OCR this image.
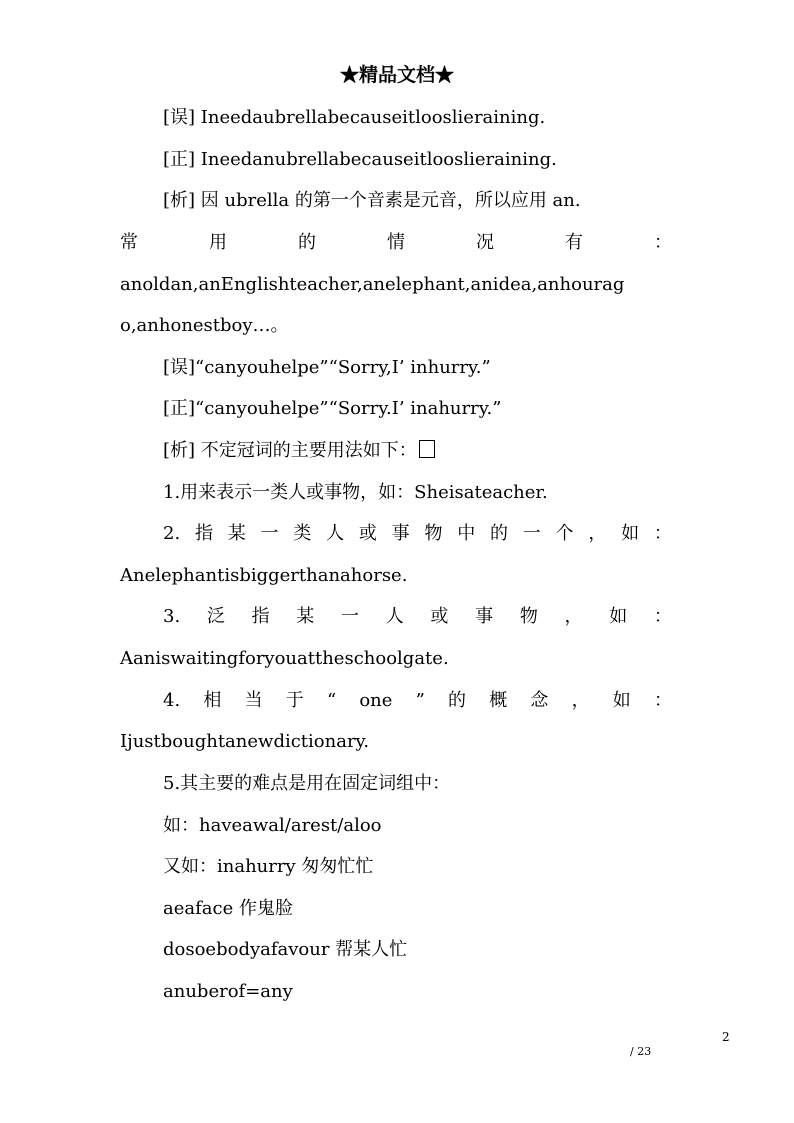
★精品文档★
[误] Ineedaubrellabecauseitlooslieraining.
[正] Ineedanubrellabecauseitlooslieraining.
[析] 因 ubrella 的第一个音素是元音，所以应用 an.
常	用	的	情	况	有	：
anoldan,anEnglishteacher,anelephant,anidea,anhourag
o,anhonestboy…。
[误]“canyouhelpe”“Sorry,I’ inhurry.”
[正]“canyouhelpe”“Sorry.I’ inahurry.”
[析] 不定冠词的主要用法如下：
1.用来表示一类人或事物，如：Sheisateacher.
2. 指 某 一 类 人 或 事 物 中 的 一 个 ， 如 ：
Anelephantisbiggerthanahorse.
3. 泛 指 某 一 人 或 事 物 ， 如 ：
Aaniswaitingforyouattheschoolgate.
4. 相 当 于 “ one ” 的 概 念 ， 如 ：
Ijustboughtanewdictionary.
5.其主要的难点是用在固定词组中：
如：haveawal/arest/aloo
又如：inahurry 匆匆忙忙
aeaface 作鬼脸
dosoebodyafavour 帮某人忙
anuberof=any
2
/ 23
